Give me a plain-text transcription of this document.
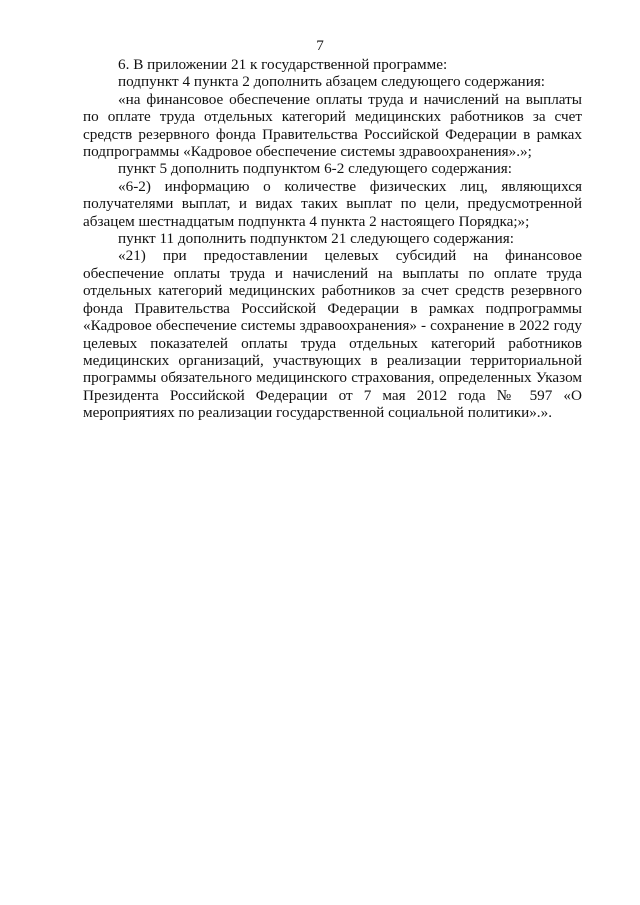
7

6. В приложении 21 к государственной программе:

подпункт 4 пункта 2 дополнить абзацем следующего содержания:

«на финансовое обеспечение оплаты труда и начислений на выплаты по оплате труда отдельных категорий медицинских работников за счет средств резервного фонда Правительства Российской Федерации в рамках подпрограммы «Кадровое обеспечение системы здравоохранения».»;

пункт 5 дополнить подпунктом 6-2 следующего содержания:

«6-2) информацию о количестве физических лиц, являющихся получателями выплат, и видах таких выплат по цели, предусмотренной абзацем шестнадцатым подпункта 4 пункта 2 настоящего Порядка;»;

пункт 11 дополнить подпунктом 21 следующего содержания:

«21) при предоставлении целевых субсидий на финансовое обеспечение оплаты труда и начислений на выплаты по оплате труда отдельных категорий медицинских работников за счет средств резервного фонда Правительства Российской Федерации в рамках подпрограммы «Кадровое обеспечение системы здравоохранения» - сохранение в 2022 году целевых показателей оплаты труда отдельных категорий работников медицинских организаций, участвующих в реализации территориальной программы обязательного медицинского страхования, определенных Указом Президента Российской Федерации от 7 мая 2012 года № 597 «О мероприятиях по реализации государственной социальной политики».».
